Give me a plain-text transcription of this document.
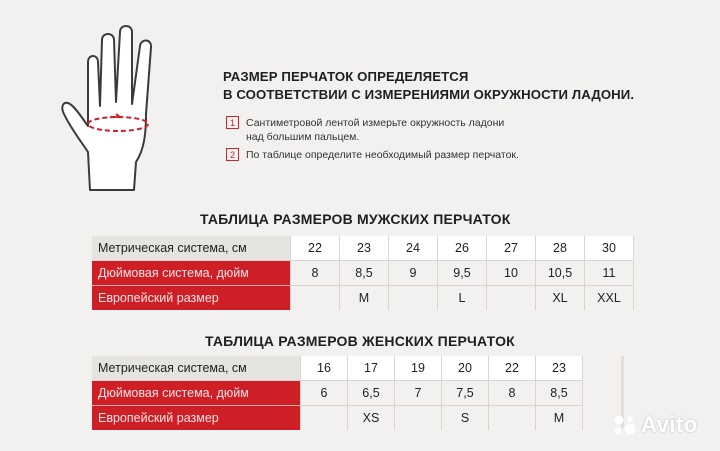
РАЗМЕР ПЕРЧАТОК ОПРЕДЕЛЯЕТСЯ
В СООТВЕТСТВИИ С ИЗМЕРЕНИЯМИ ОКРУЖНОСТИ ЛАДОНИ.
1	Сантиметровой лентой измерьте окружность ладони
над большим пальцем.
2	По таблице определите необходимый размер перчаток.
ТАБЛИЦА РАЗМЕРОВ МУЖСКИХ ПЕРЧАТОК
Метрическая система, см	22	23	24	26	27	28	30
Дюймовая система, дюйм	8	8,5	9	9,5	10	10,5	11
Европейский размер		M		L		XL	XXL
ТАБЛИЦА РАЗМЕРОВ ЖЕНСКИХ ПЕРЧАТОК
Метрическая система, см	16	17	19	20	22	23	
Дюймовая система, дюйм	6	6,5	7	7,5	8	8,5	
Европейский размер		XS		S		M		Avito
